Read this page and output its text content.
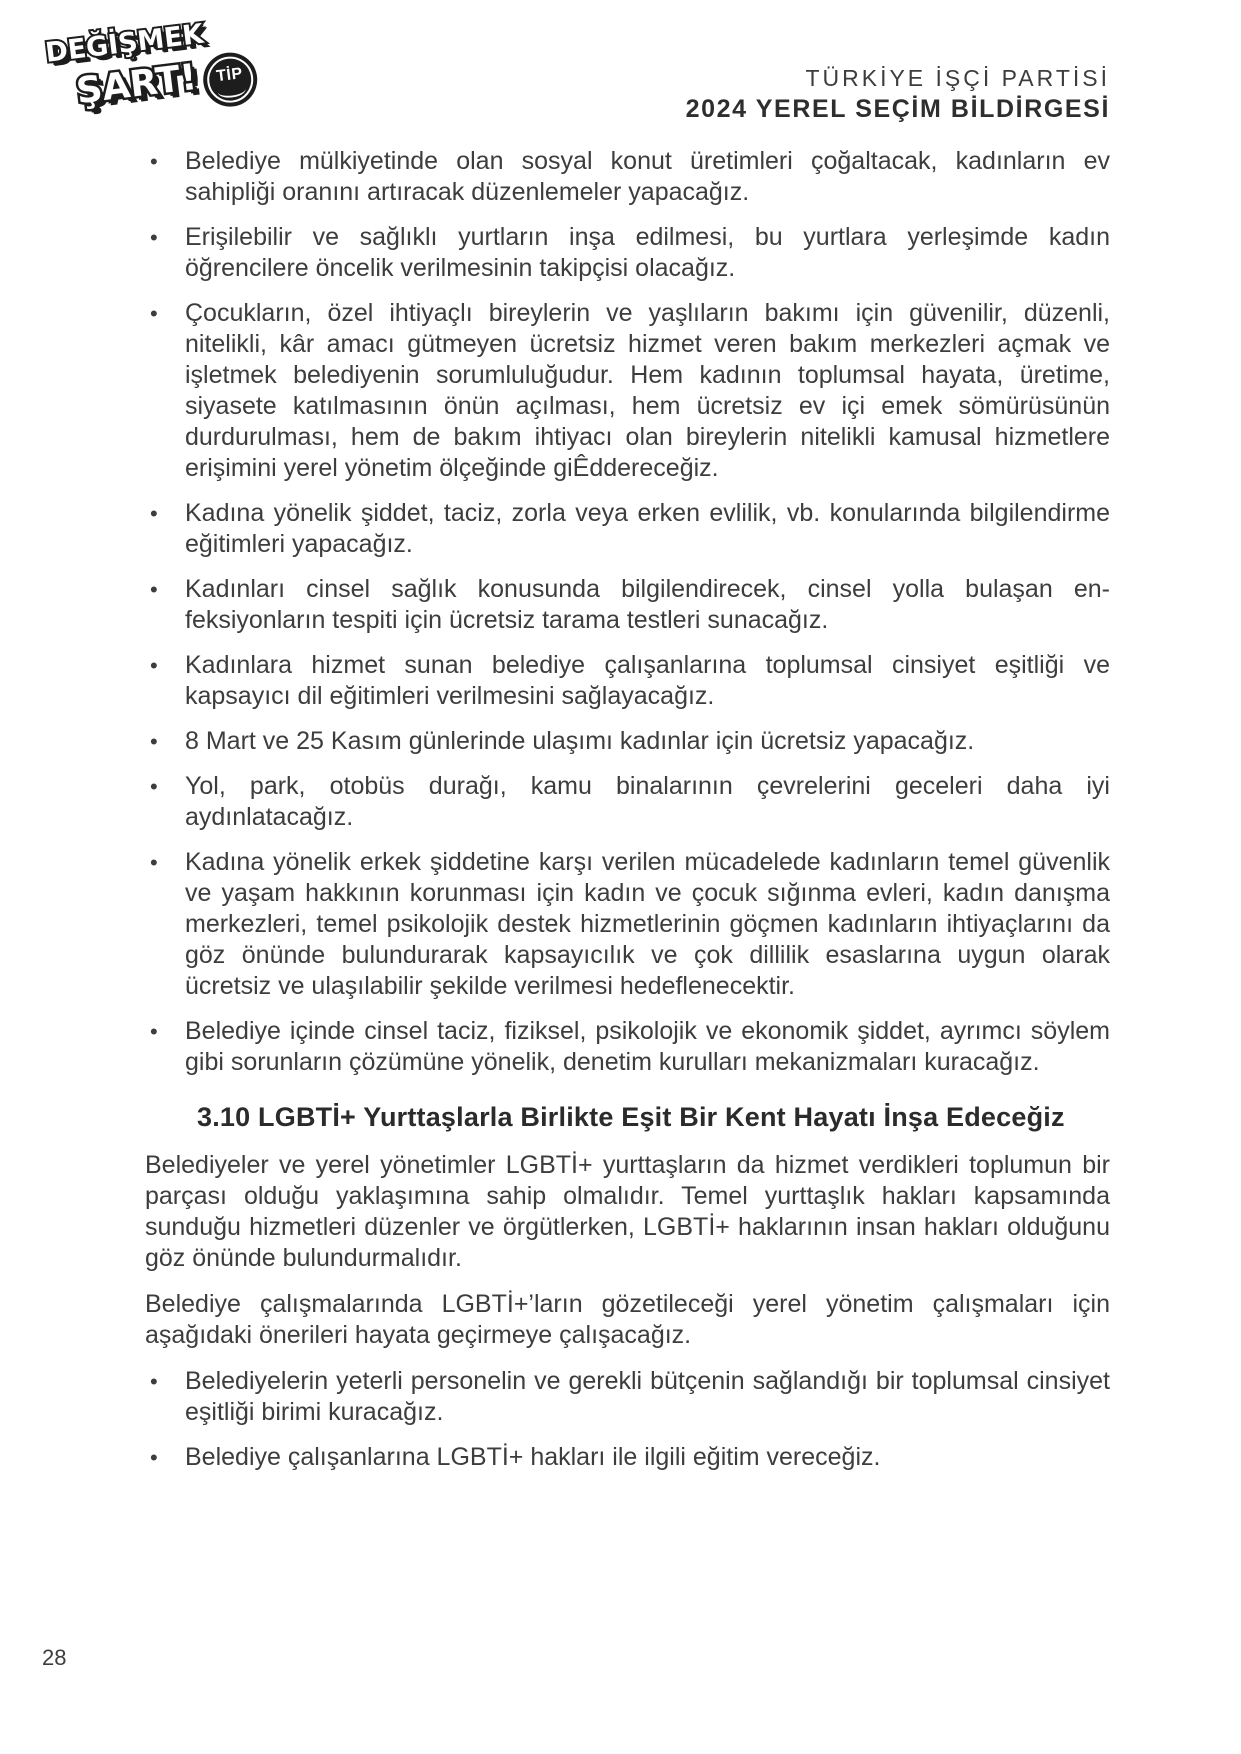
DEĞİŞMEK
ŞART! TİP	TÜRKİYE İŞÇİ PARTİSİ
2024 YEREL SEÇİM BİLDİRGESİ
• Belediye mülkiyetinde olan sosyal konut üretimleri çoğaltacak, kadınların ev sahipliği oranını artıracak düzenlemeler yapacağız.
• Erişilebilir ve sağlıklı yurtların inşa edilmesi, bu yurtlara yerleşimde kadın öğrencilere öncelik verilmesinin takipçisi olacağız.
• Çocukların, özel ihtiyaçlı bireylerin ve yaşlıların bakımı için güvenilir, düzenli, nitelikli, kâr amacı gütmeyen ücretsiz hizmet veren bakım merkezleri açmak ve işletmek belediyenin sorumluluğudur. Hem kadının toplumsal hayata, üretime, siyasete katılmasının önün açılması, hem ücretsiz ev içi emek sömürüsünün durdurulması, hem de bakım ihtiyacı olan bireylerin nitelikli kamusal hizmetlere erişimini yerel yönetim ölçeğinde giÊddereceğiz.
• Kadına yönelik şiddet, taciz, zorla veya erken evlilik, vb. konularında bilgilendirme eğitimleri yapacağız.
• Kadınları cinsel sağlık konusunda bilgilendirecek, cinsel yolla bulaşan enfeksiyonların tespiti için ücretsiz tarama testleri sunacağız.
• Kadınlara hizmet sunan belediye çalışanlarına toplumsal cinsiyet eşitliği ve kapsayıcı dil eğitimleri verilmesini sağlayacağız.
• 8 Mart ve 25 Kasım günlerinde ulaşımı kadınlar için ücretsiz yapacağız.
• Yol, park, otobüs durağı, kamu binalarının çevrelerini geceleri daha iyi aydınlatacağız.
• Kadına yönelik erkek şiddetine karşı verilen mücadelede kadınların temel güvenlik ve yaşam hakkının korunması için kadın ve çocuk sığınma evleri, kadın danışma merkezleri, temel psikolojik destek hizmetlerinin göçmen kadınların ihtiyaçlarını da göz önünde bulundurarak kapsayıcılık ve çok dillilik esaslarına uygun olarak ücretsiz ve ulaşılabilir şekilde verilmesi hedeflenecektir.
• Belediye içinde cinsel taciz, fiziksel, psikolojik ve ekonomik şiddet, ayrımcı söylem gibi sorunların çözümüne yönelik, denetim kurulları mekanizmaları kuracağız.
3.10 LGBTİ+ Yurttaşlarla Birlikte Eşit Bir Kent Hayatı İnşa Edeceğiz

Belediyeler ve yerel yönetimler LGBTİ+ yurttaşların da hizmet verdikleri toplumun bir parçası olduğu yaklaşımına sahip olmalıdır. Temel yurttaşlık hakları kapsamında sunduğu hizmetleri düzenler ve örgütlerken, LGBTİ+ haklarının insan hakları olduğunu göz önünde bulundurmalıdır.

Belediye çalışmalarında LGBTİ+’ların gözetileceği yerel yönetim çalışmaları için aşağıdaki önerileri hayata geçirmeye çalışacağız.

• Belediyelerin yeterli personelin ve gerekli bütçenin sağlandığı bir toplumsal cinsiyet eşitliği birimi kuracağız.
• Belediye çalışanlarına LGBTİ+ hakları ile ilgili eğitim vereceğiz.
28
